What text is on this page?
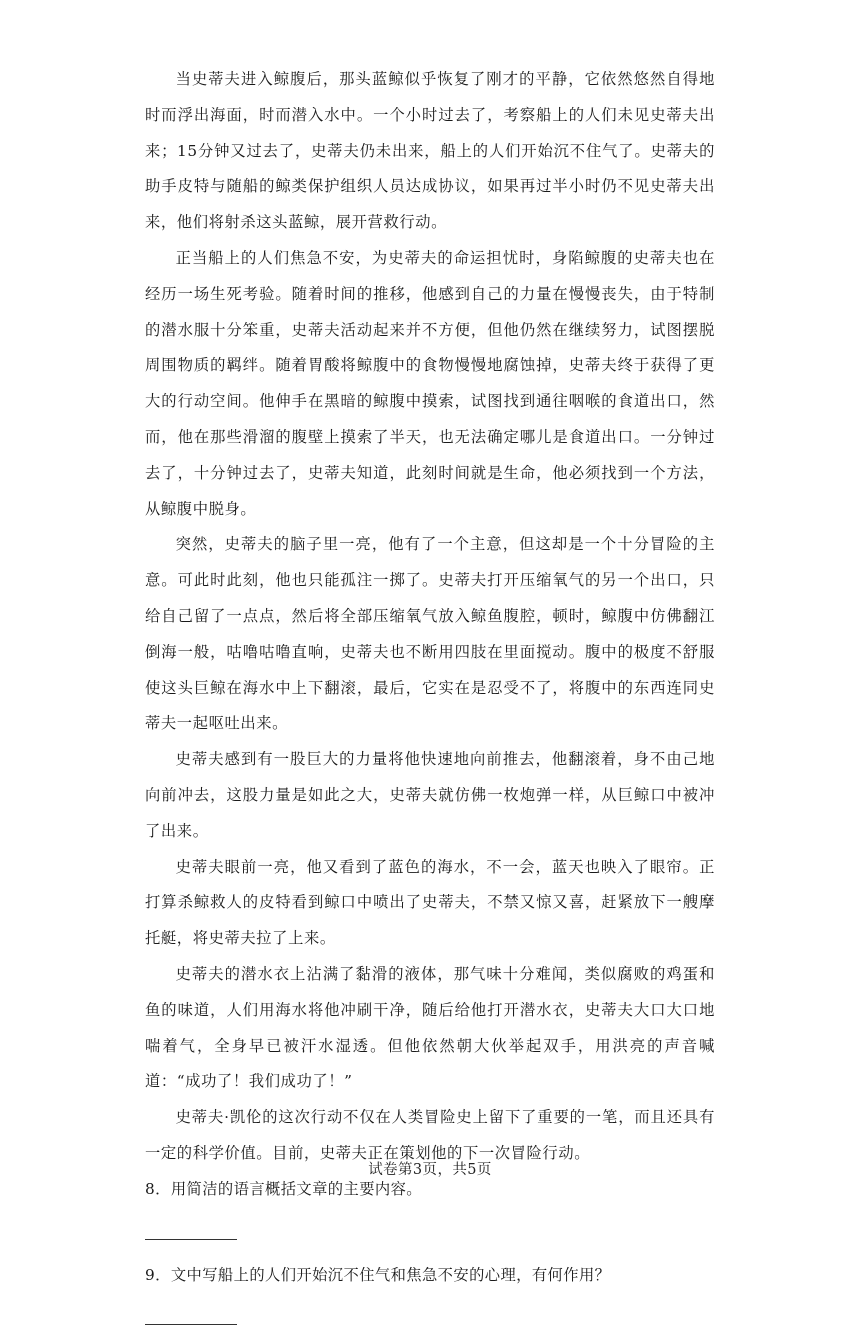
当史蒂夫进入鲸腹后，那头蓝鲸似乎恢复了刚才的平静，它依然悠然自得地时而浮出海面，时而潜入水中。一个小时过去了，考察船上的人们未见史蒂夫出来；15分钟又过去了，史蒂夫仍未出来，船上的人们开始沉不住气了。史蒂夫的助手皮特与随船的鲸类保护组织人员达成协议，如果再过半小时仍不见史蒂夫出来，他们将射杀这头蓝鲸，展开营救行动。

正当船上的人们焦急不安，为史蒂夫的命运担忧时，身陷鲸腹的史蒂夫也在经历一场生死考验。随着时间的推移，他感到自己的力量在慢慢丧失，由于特制的潜水服十分笨重，史蒂夫活动起来并不方便，但他仍然在继续努力，试图摆脱周围物质的羁绊。随着胃酸将鲸腹中的食物慢慢地腐蚀掉，史蒂夫终于获得了更大的行动空间。他伸手在黑暗的鲸腹中摸索，试图找到通往咽喉的食道出口，然而，他在那些滑溜的腹壁上摸索了半天，也无法确定哪儿是食道出口。一分钟过去了，十分钟过去了，史蒂夫知道，此刻时间就是生命，他必须找到一个方法，从鲸腹中脱身。

突然，史蒂夫的脑子里一亮，他有了一个主意，但这却是一个十分冒险的主意。可此时此刻，他也只能孤注一掷了。史蒂夫打开压缩氧气的另一个出口，只给自己留了一点点，然后将全部压缩氧气放入鲸鱼腹腔，顿时，鲸腹中仿佛翻江倒海一般，咕噜咕噜直响，史蒂夫也不断用四肢在里面搅动。腹中的极度不舒服使这头巨鲸在海水中上下翻滚，最后，它实在是忍受不了，将腹中的东西连同史蒂夫一起呕吐出来。

史蒂夫感到有一股巨大的力量将他快速地向前推去，他翻滚着，身不由己地向前冲去，这股力量是如此之大，史蒂夫就仿佛一枚炮弹一样，从巨鲸口中被冲了出来。

史蒂夫眼前一亮，他又看到了蓝色的海水，不一会，蓝天也映入了眼帘。正打算杀鲸救人的皮特看到鲸口中喷出了史蒂夫，不禁又惊又喜，赶紧放下一艘摩托艇，将史蒂夫拉了上来。

史蒂夫的潜水衣上沾满了黏滑的液体，那气味十分难闻，类似腐败的鸡蛋和鱼的味道，人们用海水将他冲刷干净，随后给他打开潜水衣，史蒂夫大口大口地喘着气，全身早已被汗水湿透。但他依然朝大伙举起双手，用洪亮的声音喊道：“成功了！我们成功了！”

史蒂夫·凯伦的这次行动不仅在人类冒险史上留下了重要的一笔，而且还具有一定的科学价值。目前，史蒂夫正在策划他的下一次冒险行动。

8．用简洁的语言概括文章的主要内容。

9．文中写船上的人们开始沉不住气和焦急不安的心理，有何作用？

试卷第3页，共5页
